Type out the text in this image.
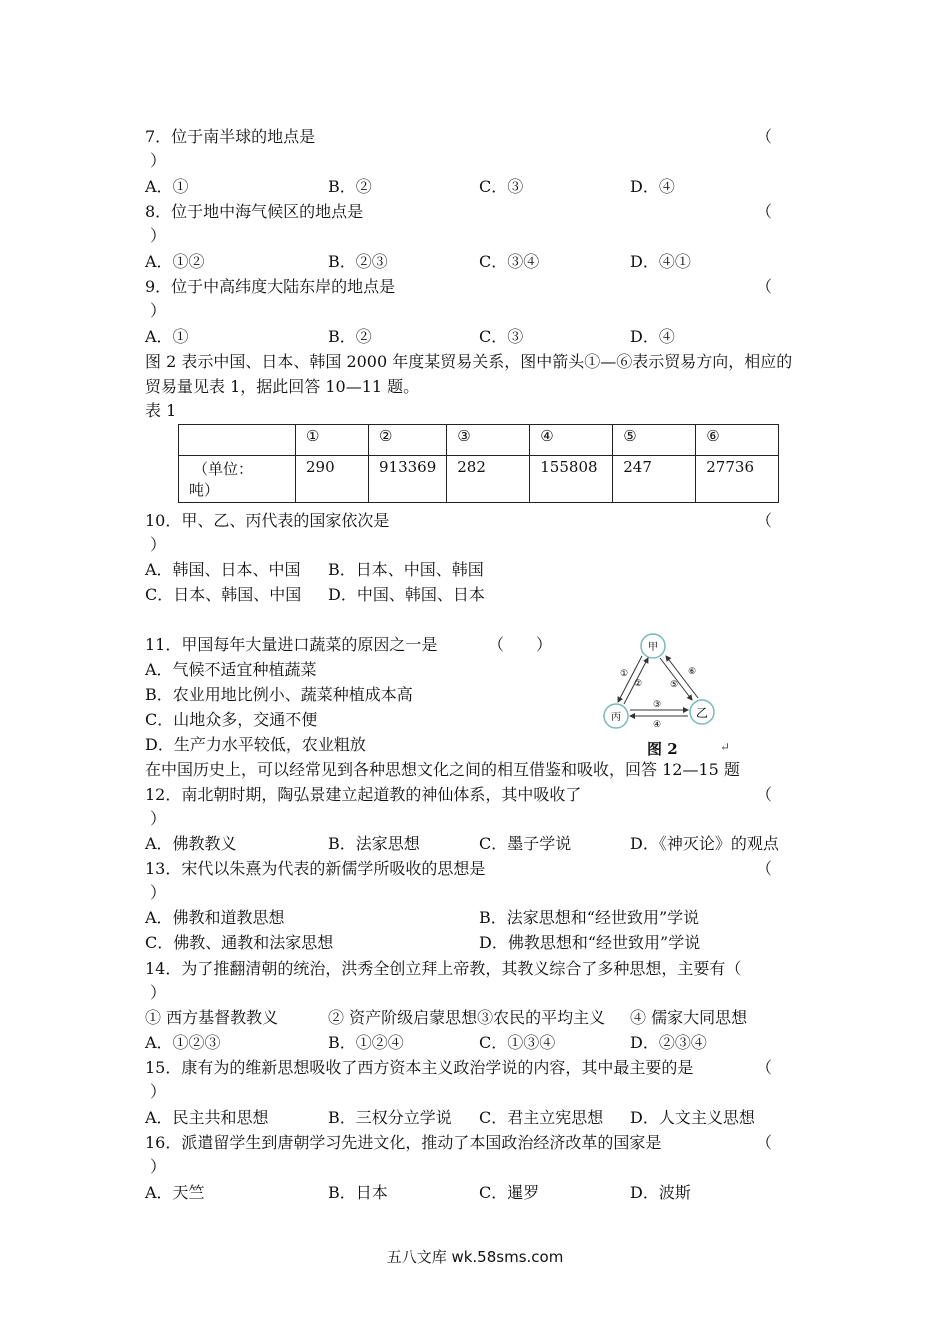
7．位于南半球的地点是	（
）
A．①	B．②	C．③	D．④
8．位于地中海气候区的地点是	（
）
A．①②	B．②③	C．③④	D．④①
9．位于中高纬度大陆东岸的地点是	（
）
A．①	B．②	C．③	D．④
图 2 表示中国、日本、韩国 2000 年度某贸易关系，图中箭头①—⑥表示贸易方向，相应的
贸易量见表 1，据此回答 10—11 题。
表 1
	①	②	③	④	⑤	⑥

（单位：
吨）	290	913369	282	155808	247	27736
10．甲、乙、丙代表的国家依次是	（
）
A．韩国、日本、中国 B．日本、中国、韩国
C．日本、韩国、中国 D．中国、韩国、日本
11．甲国每年大量进口蔬菜的原因之一是	（　　）
A．气候不适宜种植蔬菜
B．农业用地比例小、蔬菜种植成本高
C．山地众多，交通不便
D．生产力水平较低，农业粗放
甲
乙
丙
①
②
③
④
⑤
⑥
图 2	↵
在中国历史上，可以经常见到各种思想文化之间的相互借鉴和吸收，回答 12—15 题
12．南北朝时期，陶弘景建立起道教的神仙体系，其中吸收了	（
）
A．佛教教义	B．法家思想	C．墨子学说	D．《神灭论》的观点
13．宋代以朱熹为代表的新儒学所吸收的思想是	（
）
A．佛教和道教思想	B．法家思想和“经世致用”学说
C．佛教、通教和法家思想	D．佛教思想和“经世致用”学说
14．为了推翻清朝的统治，洪秀全创立拜上帝教，其教义综合了多种思想，主要有（
）
① 西方基督教教义	② 资产阶级启蒙思想③农民的平均主义 ④ 儒家大同思想
A．①②③	B．①②④	C．①③④	D．②③④
15．康有为的维新思想吸收了西方资本主义政治学说的内容，其中最主要的是	（
）
A．民主共和思想	B．三权分立学说 C．君主立宪思想 D．人文主义思想
16．派遣留学生到唐朝学习先进文化，推动了本国政治经济改革的国家是	（
）
A．天竺	B．日本	C．暹罗	D．波斯
五八文库 wk.58sms.com
